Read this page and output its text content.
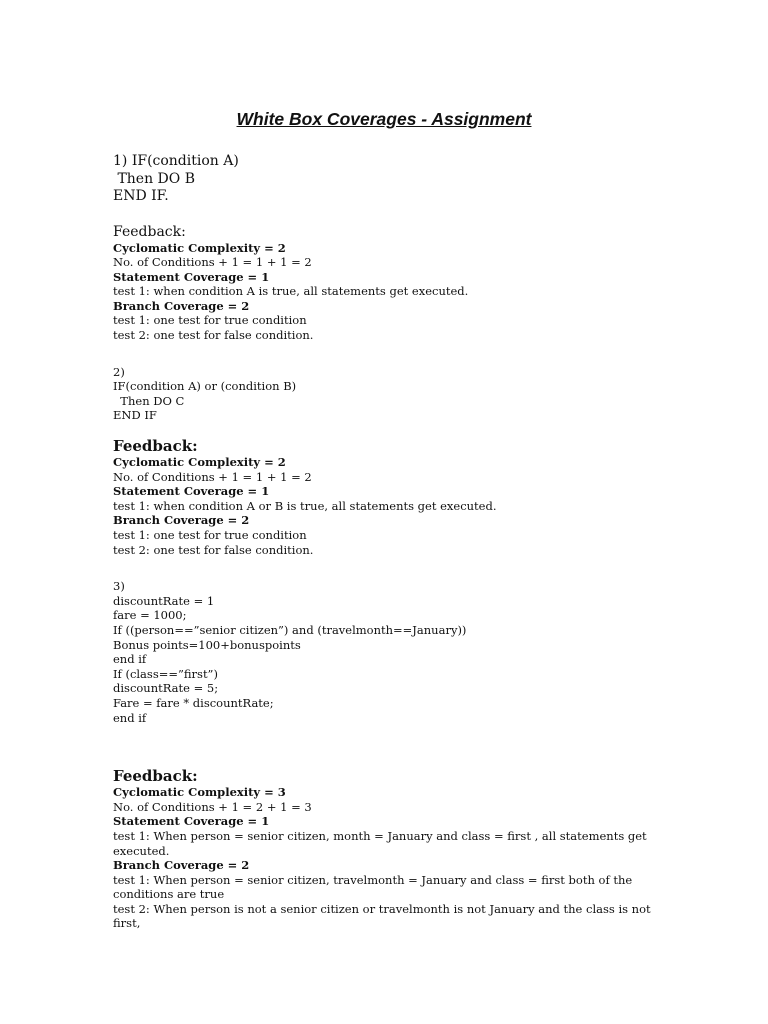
White Box Coverages - Assignment
1) IF(condition A)
Then DO B
END IF.
Feedback:
Cyclomatic Complexity = 2
No. of Conditions + 1 = 1 + 1 = 2
Statement Coverage = 1
test 1: when condition A is true, all statements get executed.
Branch Coverage = 2
test 1: one test for true condition
test 2: one test for false condition.
2)
IF(condition A) or (condition B)
Then DO C
END IF
Feedback:
Cyclomatic Complexity = 2
No. of Conditions + 1 = 1 + 1 = 2
Statement Coverage = 1
test 1: when condition A or B is true, all statements get executed.
Branch Coverage = 2
test 1: one test for true condition
test 2: one test for false condition.
3)
discountRate = 1
fare = 1000;
If ((person==”senior citizen”) and (travelmonth==January))
Bonus points=100+bonuspoints
end if
If (class==”first”)
discountRate = 5;
Fare = fare * discountRate;
end if
Feedback:
Cyclomatic Complexity = 3
No. of Conditions + 1 = 2 + 1 = 3
Statement Coverage = 1
test 1: When person = senior citizen, month = January and class = first , all statements get executed.
Branch Coverage = 2
test 1: When person = senior citizen, travelmonth = January and class = first both of the conditions are true
test 2: When person is not a senior citizen or travelmonth is not January and the class is not first,
